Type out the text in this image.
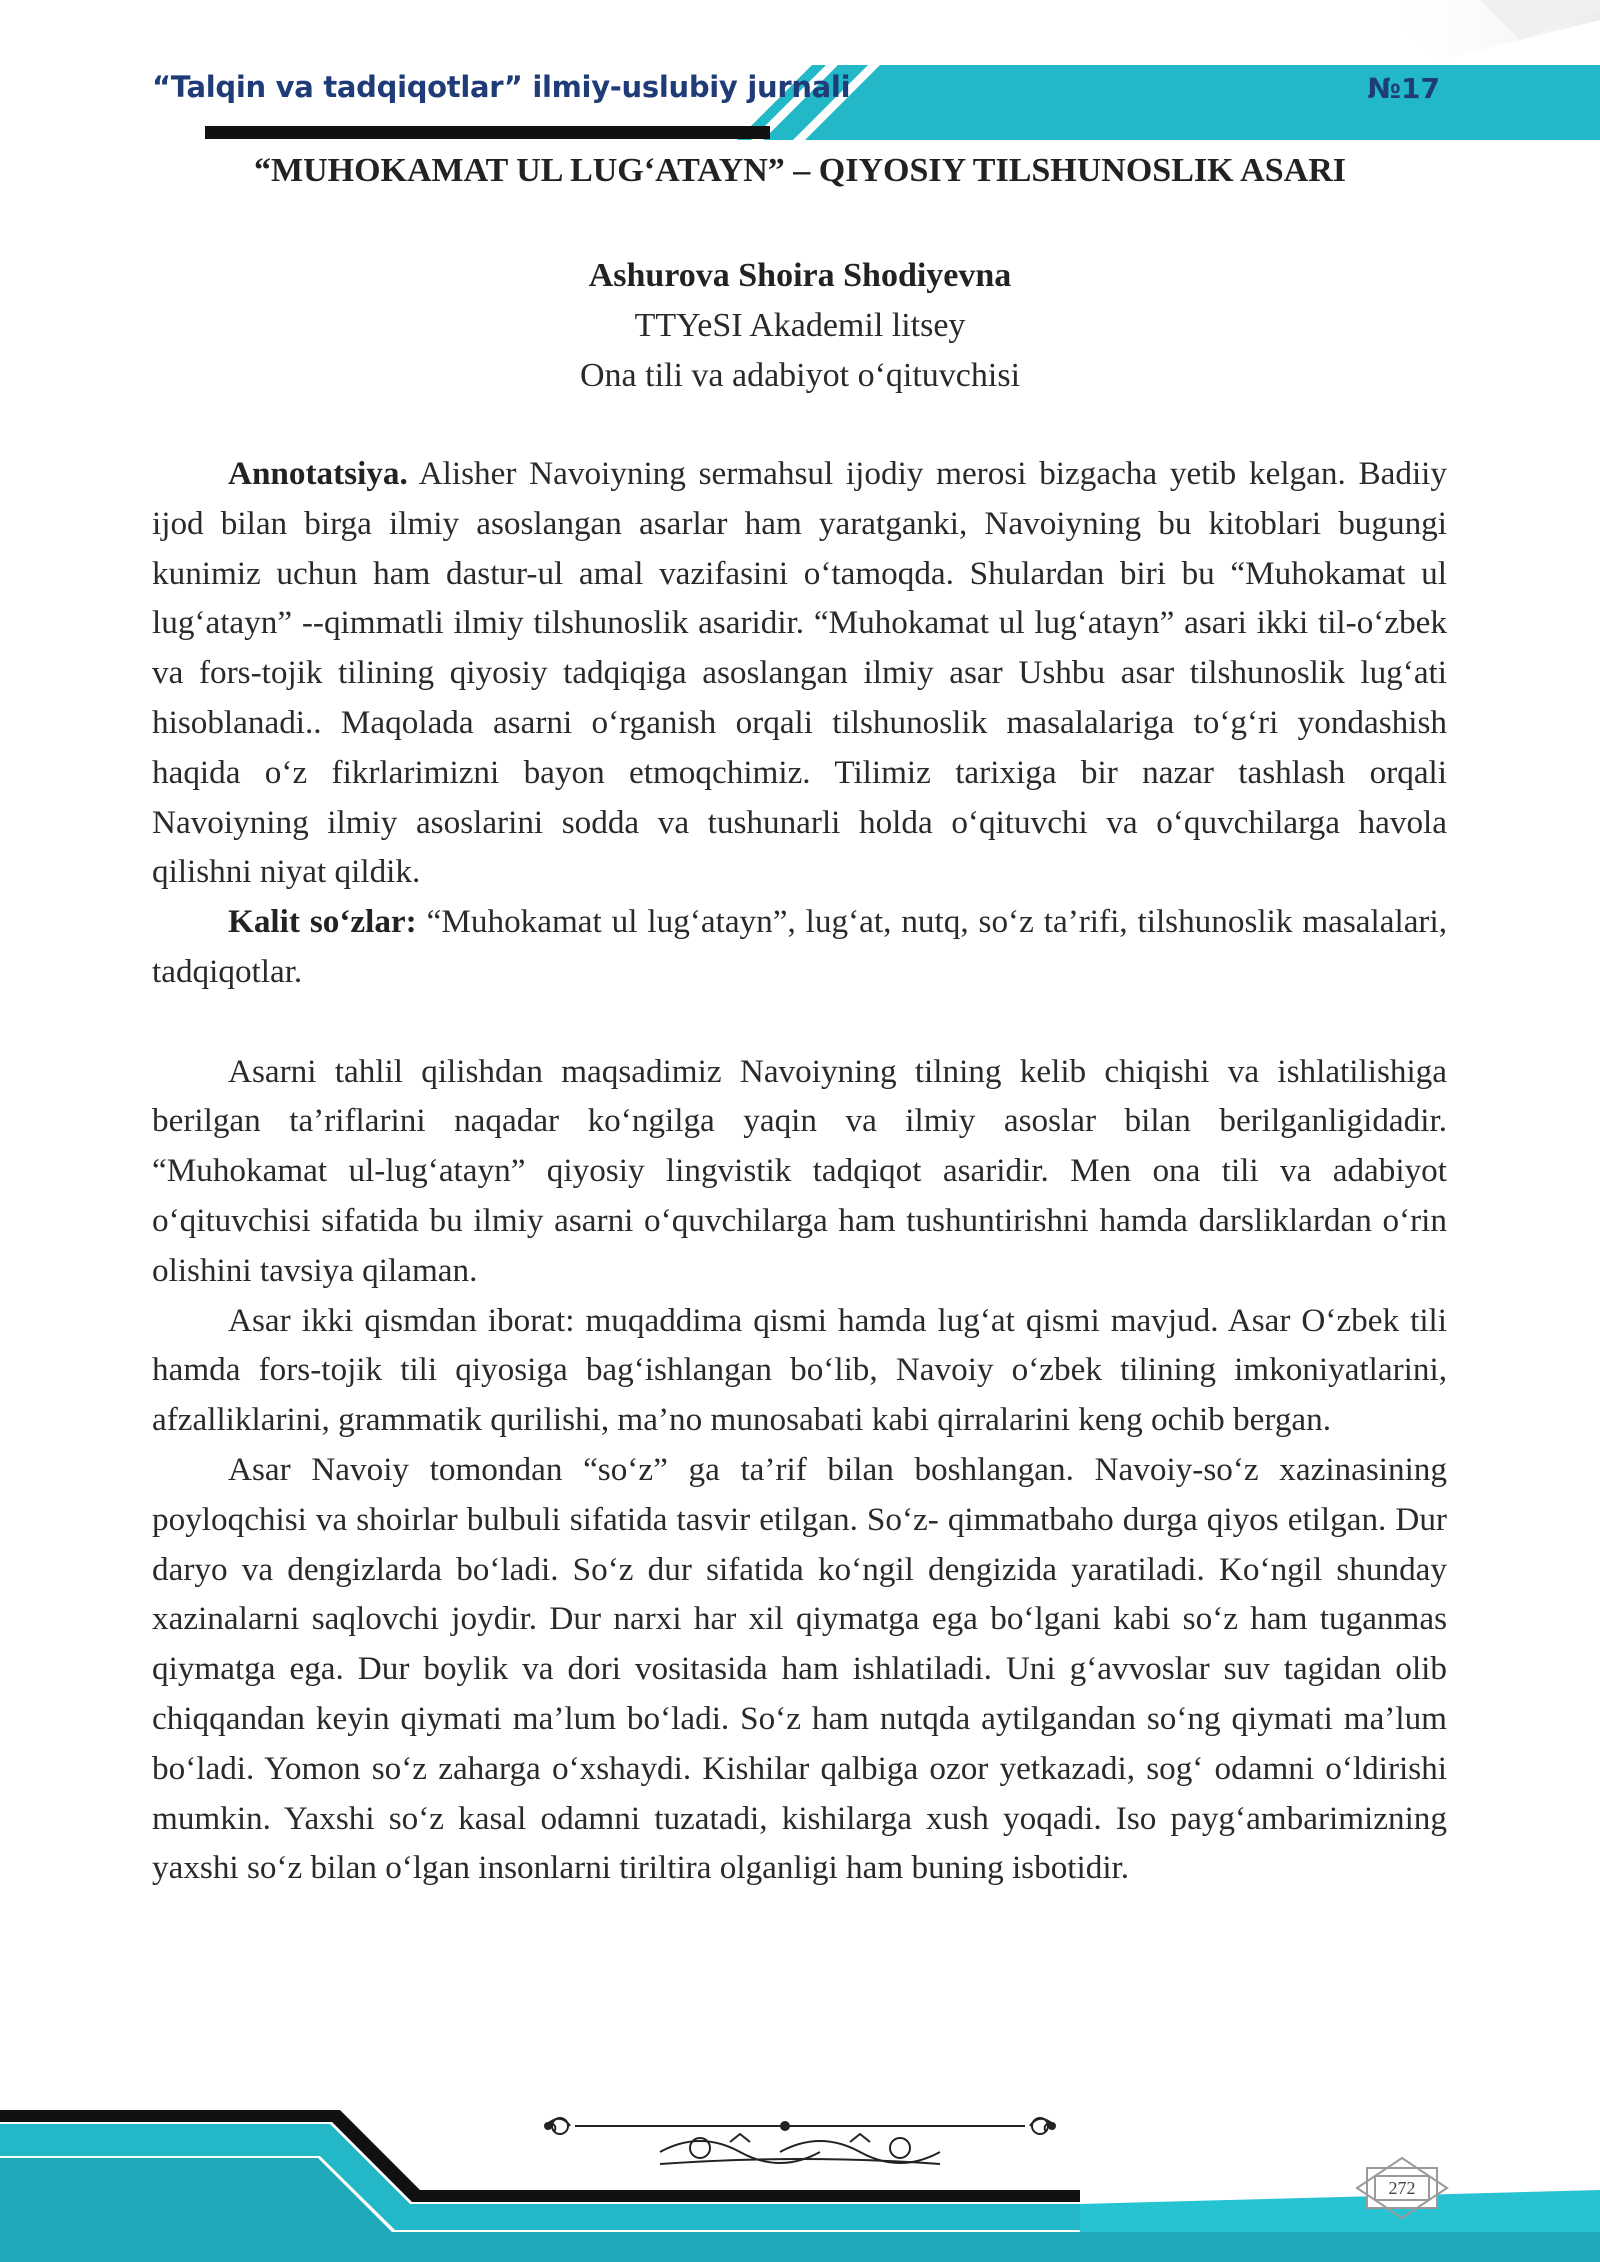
“Talqin va tadqiqotlar” ilmiy-uslubiy jurnali	№17
“MUHOKAMAT UL LUG‘ATAYN” – QIYOSIY TILSHUNOSLIK ASARI
Ashurova Shoira Shodiyevna
TTYeSI Akademil litsey
Ona tili va adabiyot o‘qituvchisi

Annotatsiya. Alisher Navoiyning sermahsul ijodiy merosi bizgacha yetib kelgan. Badiiy ijod bilan birga ilmiy asoslangan asarlar ham yaratganki, Navoiyning bu kitoblari bugungi kunimiz uchun ham dastur-ul amal vazifasini o‘tamoqda. Shulardan biri bu “Muhokamat ul lug‘atayn” --qimmatli ilmiy tilshunoslik asaridir. “Muhokamat ul lug‘atayn” asari ikki til-o‘zbek va fors-tojik tilining qiyosiy tadqiqiga asoslangan ilmiy asar Ushbu asar tilshunoslik lug‘ati hisoblanadi.. Maqolada asarni o‘rganish orqali tilshunoslik masalalariga to‘g‘ri yondashish haqida o‘z fikrlarimizni bayon etmoqchimiz. Tilimiz tarixiga bir nazar tashlash orqali Navoiyning ilmiy asoslarini sodda va tushunarli holda o‘qituvchi va o‘quvchilarga havola qilishni niyat qildik.

Kalit so‘zlar: “Muhokamat ul lug‘atayn”, lug‘at, nutq, so‘z ta’rifi, tilshunoslik masalalari, tadqiqotlar.

Asarni tahlil qilishdan maqsadimiz Navoiyning tilning kelib chiqishi va ishlatilishiga berilgan ta’riflarini naqadar ko‘ngilga yaqin va ilmiy asoslar bilan berilganligidadir. “Muhokamat ul-lug‘atayn” qiyosiy lingvistik tadqiqot asaridir. Men ona tili va adabiyot o‘qituvchisi sifatida bu ilmiy asarni o‘quvchilarga ham tushuntirishni hamda darsliklardan o‘rin olishini tavsiya qilaman.

Asar ikki qismdan iborat: muqaddima qismi hamda lug‘at qismi mavjud. Asar O‘zbek tili hamda fors-tojik tili qiyosiga bag‘ishlangan bo‘lib, Navoiy o‘zbek tilining imkoniyatlarini, afzalliklarini, grammatik qurilishi, ma’no munosabati kabi qirralarini keng ochib bergan.

Asar Navoiy tomondan “so‘z” ga ta’rif bilan boshlangan. Navoiy-so‘z xazinasining poyloqchisi va shoirlar bulbuli sifatida tasvir etilgan. So‘z- qimmatbaho durga qiyos etilgan. Dur daryo va dengizlarda bo‘ladi. So‘z dur sifatida ko‘ngil dengizida yaratiladi. Ko‘ngil shunday xazinalarni saqlovchi joydir. Dur narxi har xil qiymatga ega bo‘lgani kabi so‘z ham tuganmas qiymatga ega. Dur boylik va dori vositasida ham ishlatiladi. Uni g‘avvoslar suv tagidan olib chiqqandan keyin qiymati ma’lum bo‘ladi. So‘z ham nutqda aytilgandan so‘ng qiymati ma’lum bo‘ladi. Yomon so‘z zaharga o‘xshaydi. Kishilar qalbiga ozor yetkazadi, sog‘ odamni o‘ldirishi mumkin. Yaxshi so‘z kasal odamni tuzatadi, kishilarga xush yoqadi. Iso payg‘ambarimizning yaxshi so‘z bilan o‘lgan insonlarni tiriltira olganligi ham buning isbotidir.

272
